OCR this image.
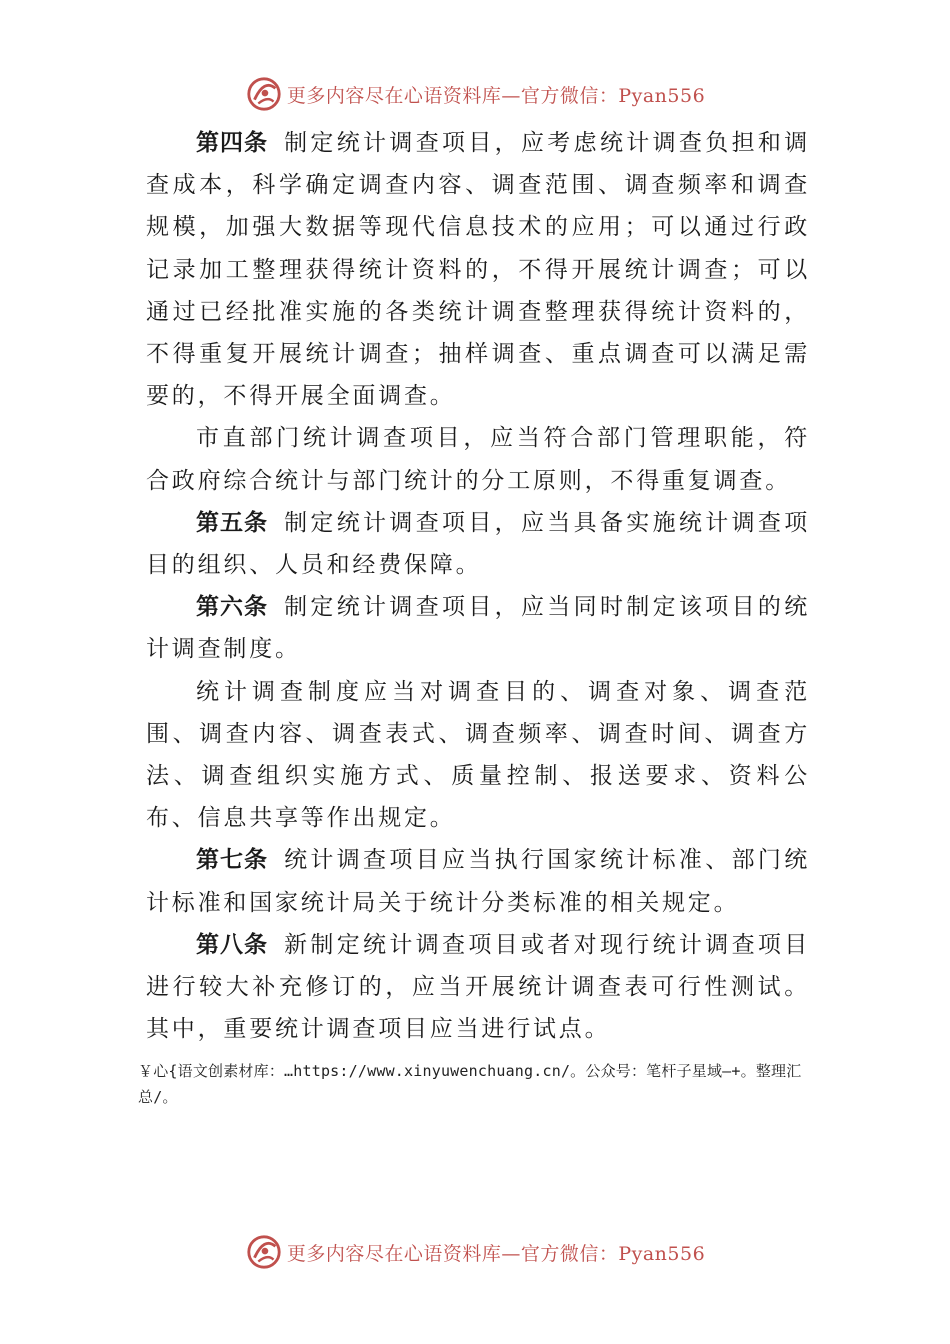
更多内容尽在心语资料库—官方微信：Pyan556

第四条 制定统计调查项目，应考虑统计调查负担和调查成本，科学确定调查内容、调查范围、调查频率和调查规模，加强大数据等现代信息技术的应用；可以通过行政记录加工整理获得统计资料的，不得开展统计调查；可以通过已经批准实施的各类统计调查整理获得统计资料的，不得重复开展统计调查；抽样调查、重点调查可以满足需要的，不得开展全面调查。

市直部门统计调查项目，应当符合部门管理职能，符合政府综合统计与部门统计的分工原则，不得重复调查。

第五条 制定统计调查项目，应当具备实施统计调查项目的组织、人员和经费保障。

第六条 制定统计调查项目，应当同时制定该项目的统计调查制度。

统计调查制度应当对调查目的、调查对象、调查范围、调查内容、调查表式、调查频率、调查时间、调查方法、调查组织实施方式、质量控制、报送要求、资料公布、信息共享等作出规定。

第七条 统计调查项目应当执行国家统计标准、部门统计标准和国家统计局关于统计分类标准的相关规定。

第八条 新制定统计调查项目或者对现行统计调查项目进行较大补充修订的，应当开展统计调查表可行性测试。其中，重要统计调查项目应当进行试点。

￥心{语文创素材库：…https://www.xinyuwenchuang.cn/。公众号：笔杆子星域—+。整理汇总/。
更多内容尽在心语资料库—官方微信：Pyan556
